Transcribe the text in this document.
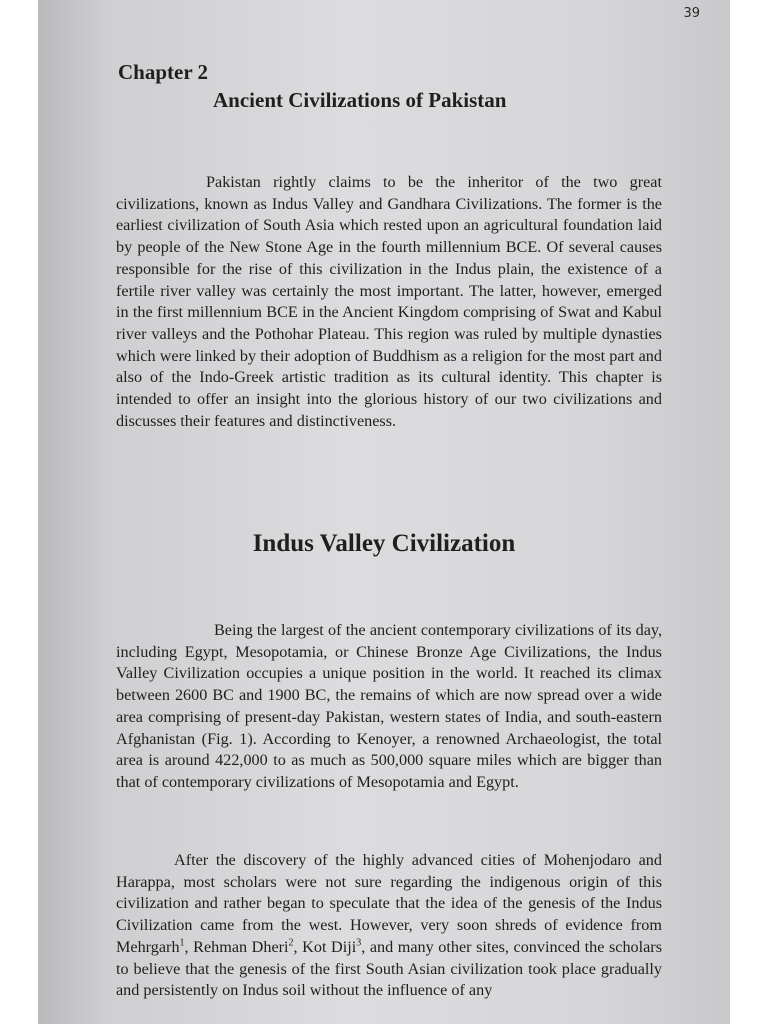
39
Chapter 2
Ancient Civilizations of Pakistan

Pakistan rightly claims to be the inheritor of the two great civilizations, known as Indus Valley and Gandhara Civilizations. The former is the earliest civilization of South Asia which rested upon an agricultural foundation laid by people of the New Stone Age in the fourth millennium BCE. Of several causes responsible for the rise of this civilization in the Indus plain, the existence of a fertile river valley was certainly the most important. The latter, however, emerged in the first millennium BCE in the Ancient Kingdom comprising of Swat and Kabul river valleys and the Pothohar Plateau. This region was ruled by multiple dynasties which were linked by their adoption of Buddhism as a religion for the most part and also of the Indo-Greek artistic tradition as its cultural identity. This chapter is intended to offer an insight into the glorious history of our two civilizations and discusses their features and distinctiveness.

Indus Valley Civilization

Being the largest of the ancient contemporary civilizations of its day, including Egypt, Mesopotamia, or Chinese Bronze Age Civilizations, the Indus Valley Civilization occupies a unique position in the world. It reached its climax between 2600 BC and 1900 BC, the remains of which are now spread over a wide area comprising of present-day Pakistan, western states of India, and south-eastern Afghanistan (Fig. 1). According to Kenoyer, a renowned Archaeologist, the total area is around 422,000 to as much as 500,000 square miles which are bigger than that of contemporary civilizations of Mesopotamia and Egypt.

After the discovery of the highly advanced cities of Mohenjodaro and Harappa, most scholars were not sure regarding the indigenous origin of this civilization and rather began to speculate that the idea of the genesis of the Indus Civilization came from the west. However, very soon shreds of evidence from Mehrgarh$^1$, Rehman Dheri$^2$, Kot Diji$^3$, and many other sites, convinced the scholars to believe that the genesis of the first South Asian civilization took place gradually and persistently on Indus soil without the influence of any
